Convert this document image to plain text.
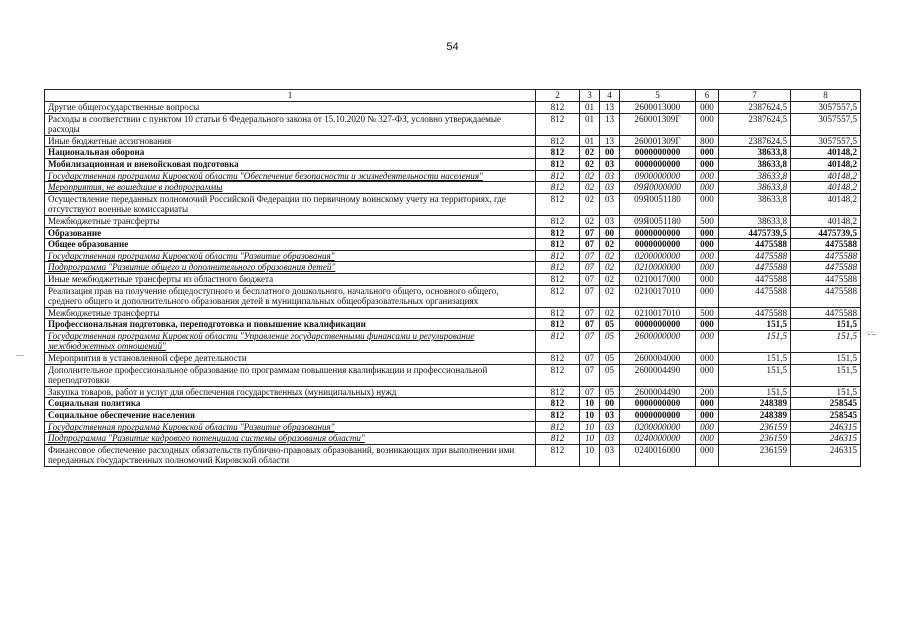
54
1	2	3	4	5	6	7	8
Другие общегосударственные вопросы	812	01	13	2600013000	000	2387624,5	3057557,5
Расходы в соответствии с пунктом 10 статьи 6 Федерального закона от 15.10.2020 № 327-ФЗ, условно утверждаемые расходы	812	01	13	260001309Г	000	2387624,5	3057557,5
Иные бюджетные ассигнования	812	01	13	260001309Г	800	2387624,5	3057557,5
Национальная оборона	812	02	00	0000000000	000	38633,8	40148,2
Мобилизационная и вневойсковая подготовка	812	02	03	0000000000	000	38633,8	40148,2
Государственная программа Кировской области "Обеспечение безопасности и жизнедеятельности населения"	812	02	03	0900000000	000	38633,8	40148,2
Мероприятия, не вошедшие в подпрограммы	812	02	03	09Я0000000	000	38633,8	40148,2
Осуществление переданных полномочий Российской Федерации по первичному воинскому учету на территориях, где отсутствуют военные комиссариаты	812	02	03	09Я0051180	000	38633,8	40148,2
Межбюджетные трансферты	812	02	03	09Я0051180	500	38633,8	40148,2
Образование	812	07	00	0000000000	000	4475739,5	4475739,5
Общее образование	812	07	02	0000000000	000	4475588	4475588
Государственная программа Кировской области "Развитие образования"	812	07	02	0200000000	000	4475588	4475588
Подпрограмма "Развитие общего и дополнительного образования детей"	812	07	02	0210000000	000	4475588	4475588
Иные межбюджетные трансферты из областного бюджета	812	07	02	0210017000	000	4475588	4475588
Реализация прав на получение общедоступного и бесплатного дошкольного, начального общего, основного общего, среднего общего и дополнительного образования детей в муниципальных общеобразовательных организациях	812	07	02	0210017010	000	4475588	4475588
Межбюджетные трансферты	812	07	02	0210017010	500	4475588	4475588
Профессиональная подготовка, переподготовка и повышение квалификации	812	07	05	0000000000	000	151,5	151,5
Государственная программа Кировской области "Управление государственными финансами и регулирование межбюджетных отношений"	812	07	05	2600000000	000	151,5	151,5
Мероприятия в установленной сфере деятельности	812	07	05	2600004000	000	151,5	151,5
Дополнительное профессиональное образование по программам повышения квалификации и профессиональной переподготовки	812	07	05	2600004490	000	151,5	151,5
Закупка товаров, работ и услуг для обеспечения государственных (муниципальных) нужд	812	07	05	2600004490	200	151,5	151,5
Социальная политика	812	10	00	0000000000	000	248389	258545
Социальное обеспечение населения	812	10	03	0000000000	000	248389	258545
Государственная программа Кировской области "Развитие образования"	812	10	03	0200000000	000	236159	246315
Подпрограмма "Развитие кадрового потенциала системы образования области"	812	10	03	0240000000	000	236159	246315
Финансовое обеспечение расходных обязательств публично-правовых образований, возникающих при выполнении ими переданных государственных полномочий Кировской области	812	10	03	0240016000	000	236159	246315
·.:. ·:...
